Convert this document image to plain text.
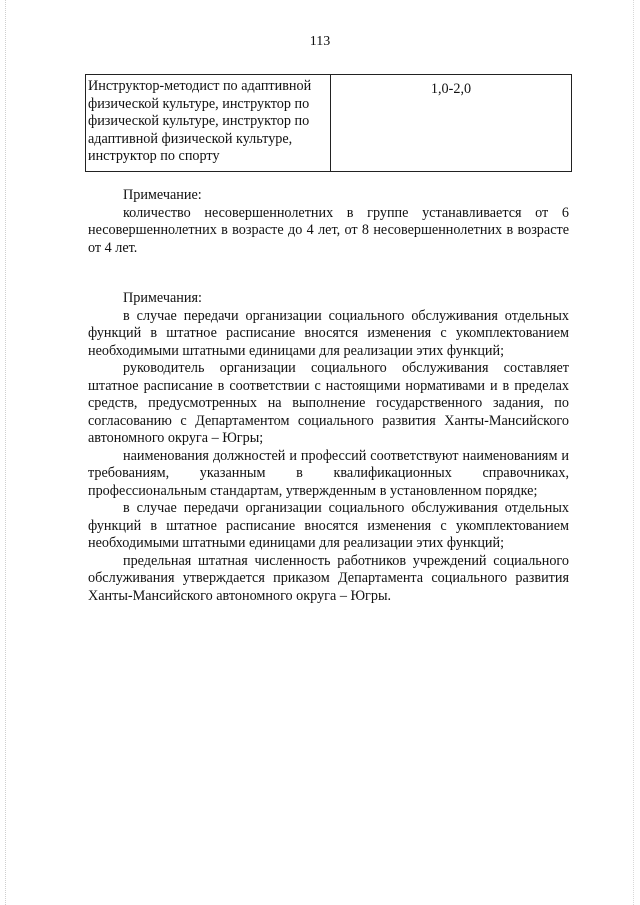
113
Инструктор-методист по адаптивной физической культуре, инструктор по физической культуре, инструктор по адаптивной физической культуре, инструктор по спорту	1,0-2,0

Примечание:

количество несовершеннолетних в группе устанавливается от 6 несовершеннолетних в возрасте до 4 лет, от 8 несовершеннолетних в возрасте от 4 лет.

Примечания:

в случае передачи организации социального обслуживания отдельных функций в штатное расписание вносятся изменения с укомплектованием необходимыми штатными единицами для реализации этих функций;

руководитель организации социального обслуживания составляет штатное расписание в соответствии с настоящими нормативами и в пределах средств, предусмотренных на выполнение государственного задания, по согласованию с Департаментом социального развития Ханты-Мансийского автономного округа – Югры;

наименования должностей и профессий соответствуют наименованиям и требованиям, указанным в квалификационных справочниках, профессиональным стандартам, утвержденным в установленном порядке;

в случае передачи организации социального обслуживания отдельных функций в штатное расписание вносятся изменения с укомплектованием необходимыми штатными единицами для реализации этих функций;

предельная штатная численность работников учреждений социального обслуживания утверждается приказом Департамента социального развития Ханты-Мансийского автономного округа – Югры.
